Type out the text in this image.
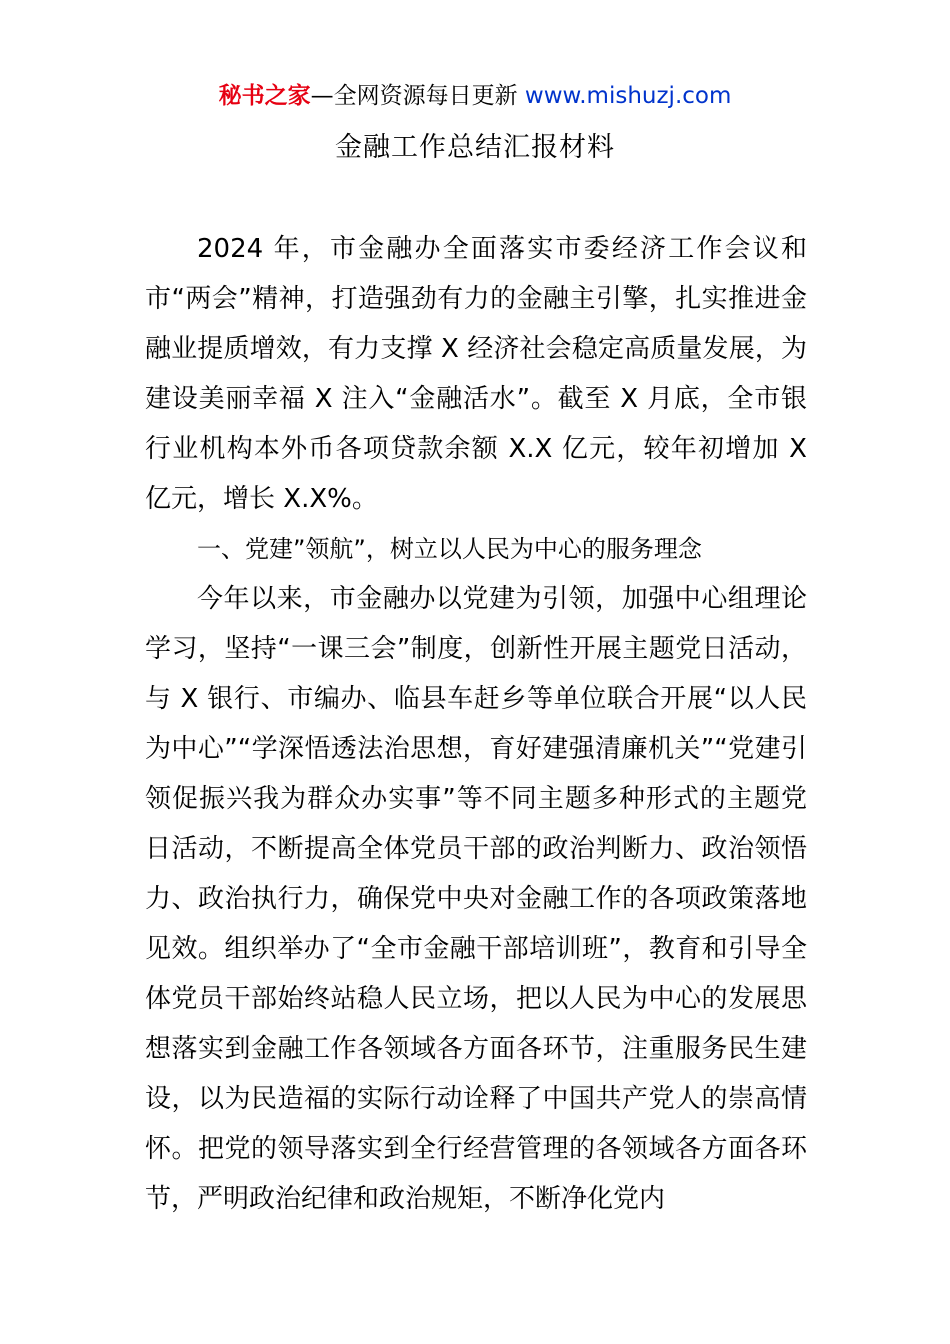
秘书之家—全网资源每日更新 www.mishuzj.com
金融工作总结汇报材料

2024 年，市金融办全面落实市委经济工作会议和市“两会”精神，打造强劲有力的金融主引擎，扎实推进金融业提质增效，有力支撑 X 经济社会稳定高质量发展，为建设美丽幸福 X 注入“金融活水”。截至 X 月底，全市银行业机构本外币各项贷款余额 X.X 亿元，较年初增加 X 亿元，增长 X.X%。

一、党建”领航”，树立以人民为中心的服务理念

今年以来，市金融办以党建为引领，加强中心组理论学习，坚持“一课三会”制度，创新性开展主题党日活动，与 X 银行、市编办、临县车赶乡等单位联合开展“以人民为中心”“学深悟透法治思想，育好建强清廉机关”“党建引领促振兴我为群众办实事”等不同主题多种形式的主题党日活动，不断提高全体党员干部的政治判断力、政治领悟力、政治执行力，确保党中央对金融工作的各项政策落地见效。组织举办了“全市金融干部培训班”，教育和引导全体党员干部始终站稳人民立场，把以人民为中心的发展思想落实到金融工作各领域各方面各环节，注重服务民生建设，以为民造福的实际行动诠释了中国共产党人的崇高情怀。把党的领导落实到全行经营管理的各领域各方面各环节，严明政治纪律和政治规矩，不断净化党内
